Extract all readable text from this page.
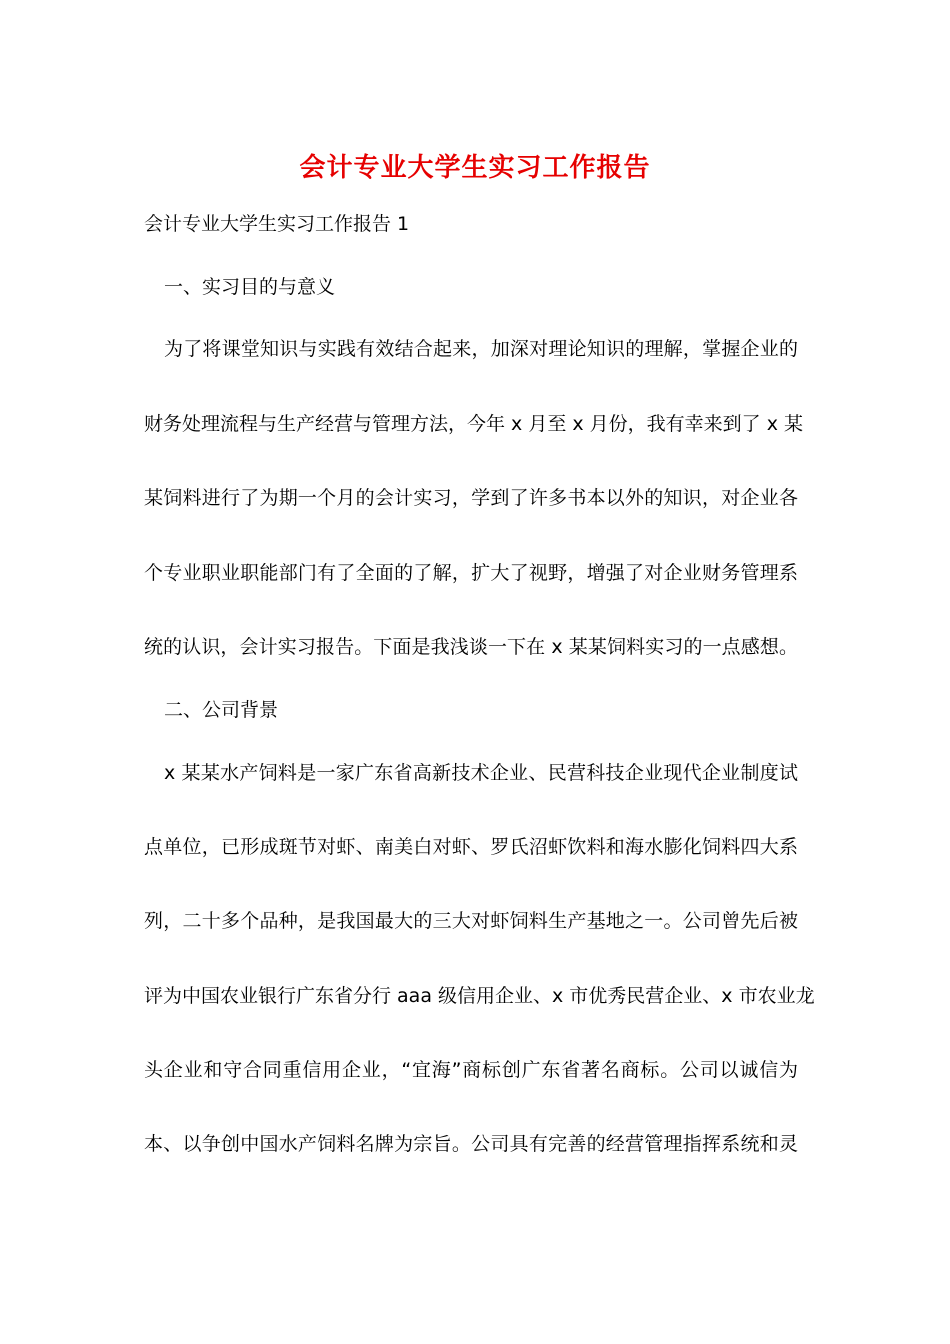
会计专业大学生实习工作报告
会计专业大学生实习工作报告 1
一、实习目的与意义
为了将课堂知识与实践有效结合起来，加深对理论知识的理解，掌握企业的
财务处理流程与生产经营与管理方法，今年 x 月至 x 月份，我有幸来到了 x 某
某饲料进行了为期一个月的会计实习，学到了许多书本以外的知识，对企业各
个专业职业职能部门有了全面的了解，扩大了视野，增强了对企业财务管理系
统的认识，会计实习报告。下面是我浅谈一下在 x 某某饲料实习的一点感想。
二、公司背景
x 某某水产饲料是一家广东省高新技术企业、民营科技企业现代企业制度试
点单位，已形成斑节对虾、南美白对虾、罗氏沼虾饮料和海水膨化饲料四大系
列，二十多个品种，是我国最大的三大对虾饲料生产基地之一。公司曾先后被
评为中国农业银行广东省分行 aaa 级信用企业、x 市优秀民营企业、x 市农业龙
头企业和守合同重信用企业，“宜海”商标创广东省著名商标。公司以诚信为
本、以争创中国水产饲料名牌为宗旨。公司具有完善的经营管理指挥系统和灵
